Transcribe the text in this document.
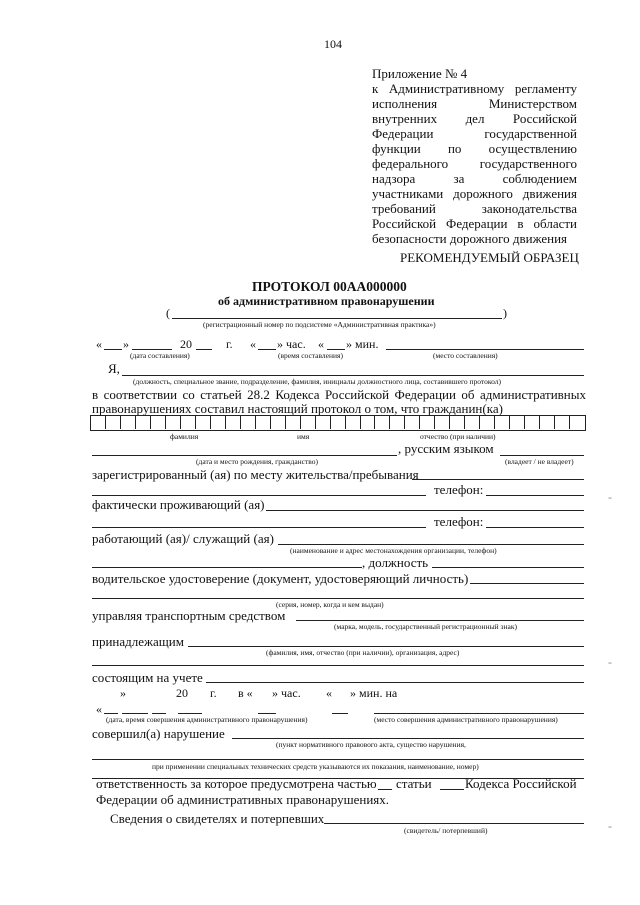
104
Приложение № 4
к Административному регламенту
исполнения Министерством
внутренних дел Российской
Федерации государственной
функции по осуществлению
федерального государственного
надзора за соблюдением
участниками дорожного движения
требований законодательства
Российской Федерации в области
безопасности дорожного движения
РЕКОМЕНДУЕМЫЙ ОБРАЗЕЦ
ПРОТОКОЛ 00АА000000
об административном правонарушении
(	)
(регистрационный номер по подсистеме «Административная практика»)
« »	20	г. « » час. « » мин.
(дата составления)	(время составления)	(место составления)
Я,
(должность, специальное звание, подразделение, фамилия, инициалы должностного лица, составившего протокол)
в соответствии со статьей 28.2 Кодекса Российской Федерации об административных
правонарушениях составил настоящий протокол о том, что гражданин(ка)
фамилия	имя	отчество (при наличии)
, русским языком
(дата и место рождения, гражданство)	(владеет / не владеет)
зарегистрированный (ая) по месту жительства/пребывания
телефон:
фактически проживающий (ая)
телефон:
работающий (ая)/ служащий (ая)
(наименование и адрес местонахождения организации, телефон)
, должность
водительское удостоверение (документ, удостоверяющий личность)
(серия, номер, когда и кем выдан)
управляя транспортным средством
(марка, модель, государственный регистрационный знак)
принадлежащим
(фамилия, имя, отчество (при наличии), организация, адрес)
состоящим на учете
»	20 г. в « » час. « » мин. на
«
(дата, время совершения административного правонарушения)	(место совершения административного правонарушения)
совершил(а) нарушение
(пункт нормативного правового акта, существо нарушения,
при применении специальных технических средств указываются их показания, наименование, номер)
ответственность за которое предусмотрена частью статьи	Кодекса Российской
Федерации об административных правонарушениях.
Сведения о свидетелях и потерпевших
(свидетель/ потерпевший)
-
-
-
